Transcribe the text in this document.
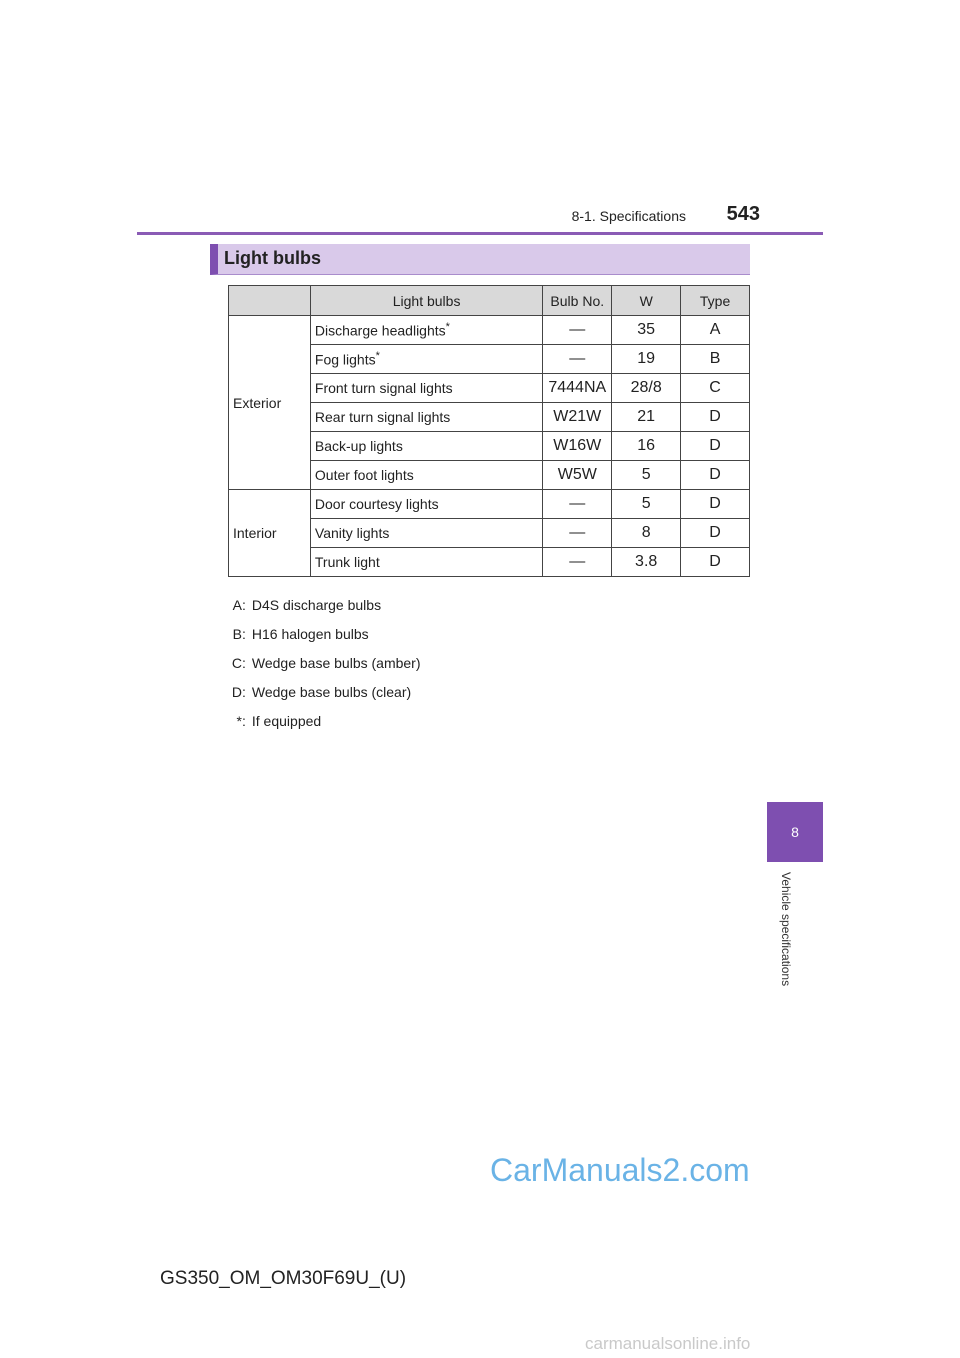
8-1. Specifications	543
Light bulbs
	Light bulbs	Bulb No.	W	Type
Exterior	Discharge headlights*	—	35	A
	Fog lights*	—	19	B
	Front turn signal lights	7444NA	28/8	C
	Rear turn signal lights	W21W	21	D
	Back-up lights	W16W	16	D
	Outer foot lights	W5W	5	D
Interior	Door courtesy lights	—	5	D
	Vanity lights	—	8	D
	Trunk light	—	3.8	D
A : D4S discharge bulbs
B : H16 halogen bulbs
C : Wedge base bulbs (amber)
D : Wedge base bulbs (clear)
* : If equipped
8
Vehicle specifications
CarManuals2.com
GS350_OM_OM30F69U_(U)
carmanualsonline.info
